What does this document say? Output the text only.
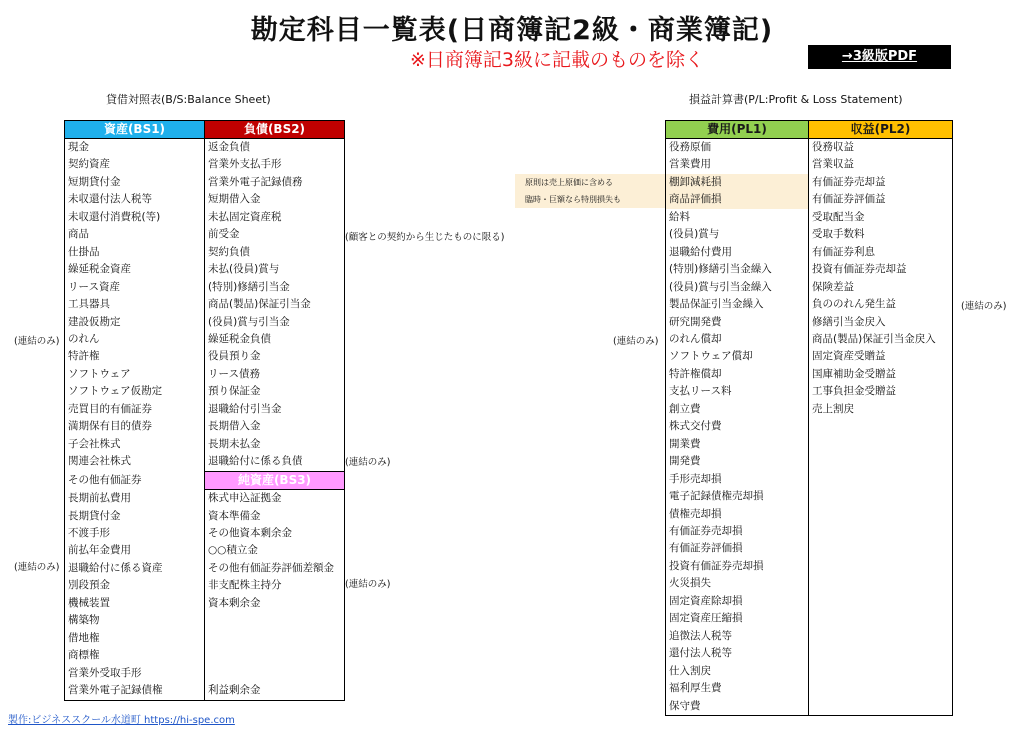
勘定科目一覧表(日商簿記2級・商業簿記)
※日商簿記3級に記載のものを除く	→3級版PDF
貸借対照表(B/S:Balance Sheet)	損益計算書(P/L:Profit & Loss Statement)
資産(BS1)	負債(BS2)
現金	返金負債
契約資産	営業外支払手形
短期貸付金	営業外電子記録債務
未収還付法人税等	短期借入金
未収還付消費税(等)	未払固定資産税
商品	前受金
仕掛品	契約負債
繰延税金資産	未払(役員)賞与
リース資産	(特別)修繕引当金
工具器具	商品(製品)保証引当金
建設仮勘定	(役員)賞与引当金
のれん	繰延税金負債
特許権	役員預り金
ソフトウェア	リース債務
ソフトウェア仮勘定	預り保証金
売買目的有価証券	退職給付引当金
満期保有目的債券	長期借入金
子会社株式	長期未払金
関連会社株式	退職給付に係る負債
その他有価証券	純資産(BS3)
長期前払費用	株式申込証拠金
長期貸付金	資本準備金
不渡手形	その他資本剰余金
前払年金費用	○○積立金
退職給付に係る資産	その他有価証券評価差額金
別段預金	非支配株主持分
機械装置	資本剰余金
構築物	
借地権	
商標権	
営業外受取手形	
営業外電子記録債権	利益剰余金
費用(PL1)	収益(PL2)
役務原価	役務収益
営業費用	営業収益
棚卸減耗損	有価証券売却益
商品評価損	有価証券評価益
給料	受取配当金
(役員)賞与	受取手数料
退職給付費用	有価証券利息
(特別)修繕引当金繰入	投資有価証券売却益
(役員)賞与引当金繰入	保険差益
製品保証引当金繰入	負ののれん発生益
研究開発費	修繕引当金戻入
のれん償却	商品(製品)保証引当金戻入
ソフトウェア償却	固定資産受贈益
特許権償却	国庫補助金受贈益
支払リース料	工事負担金受贈益
創立費	売上割戻
株式交付費	
開業費	
開発費	
手形売却損	
電子記録債権売却損	
債権売却損	
有価証券売却損	
有価証券評価損	
投資有価証券売却損	
火災損失	
固定資産除却損	
固定資産圧縮損	
追徴法人税等	
還付法人税等	
仕入割戻	
福利厚生費	
保守費	
(顧客との契約から生じたものに限る)
(連結のみ)
(連結のみ)
(連結のみ)
(連結のみ)
(連結のみ)
(連結のみ)
原則は売上原価に含める
臨時・巨額なら特別損失も
製作:ビジネススクール水道町 https://hi-spe.com
